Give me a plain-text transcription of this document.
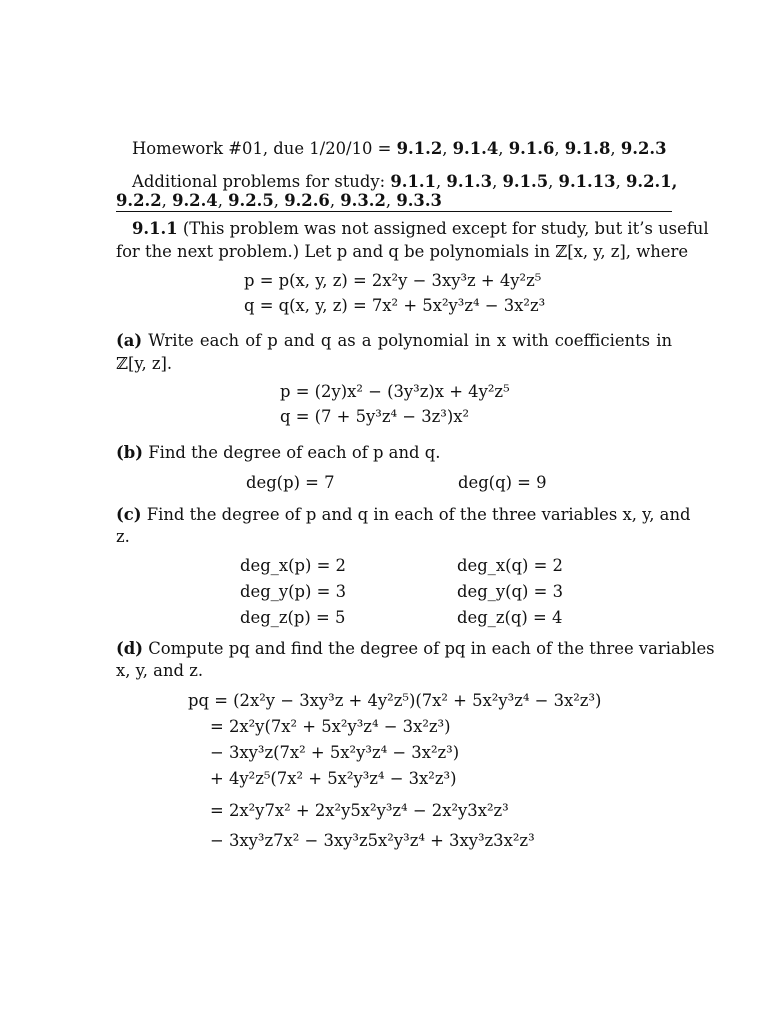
Homework #01, due 1/20/10 = 9.1.2, 9.1.4, 9.1.6, 9.1.8, 9.2.3
Additional problems for study: 9.1.1, 9.1.3, 9.1.5, 9.1.13, 9.2.1,
9.2.2, 9.2.4, 9.2.5, 9.2.6, 9.3.2, 9.3.3
9.1.1 (This problem was not assigned except for study, but it’s useful
for the next problem.) Let p and q be polynomials in ℤ[x, y, z], where
p = p(x, y, z) = 2x²y − 3xy³z + 4y²z⁵
q = q(x, y, z) = 7x² + 5x²y³z⁴ − 3x²z³
(a) Write each of p and q as a polynomial in x with coefficients in
ℤ[y, z].
p = (2y)x² − (3y³z)x + 4y²z⁵
q = (7 + 5y³z⁴ − 3z³)x²
(b) Find the degree of each of p and q.
deg(p) = 7	deg(q) = 9
(c) Find the degree of p and q in each of the three variables x, y, and
z.
deg_x(p) = 2	deg_x(q) = 2
deg_y(p) = 3	deg_y(q) = 3
deg_z(p) = 5	deg_z(q) = 4
(d) Compute pq and find the degree of pq in each of the three variables
x, y, and z.
pq = (2x²y − 3xy³z + 4y²z⁵)(7x² + 5x²y³z⁴ − 3x²z³)
= 2x²y(7x² + 5x²y³z⁴ − 3x²z³)
− 3xy³z(7x² + 5x²y³z⁴ − 3x²z³)
+ 4y²z⁵(7x² + 5x²y³z⁴ − 3x²z³)
= 2x²y7x² + 2x²y5x²y³z⁴ − 2x²y3x²z³
− 3xy³z7x² − 3xy³z5x²y³z⁴ + 3xy³z3x²z³
